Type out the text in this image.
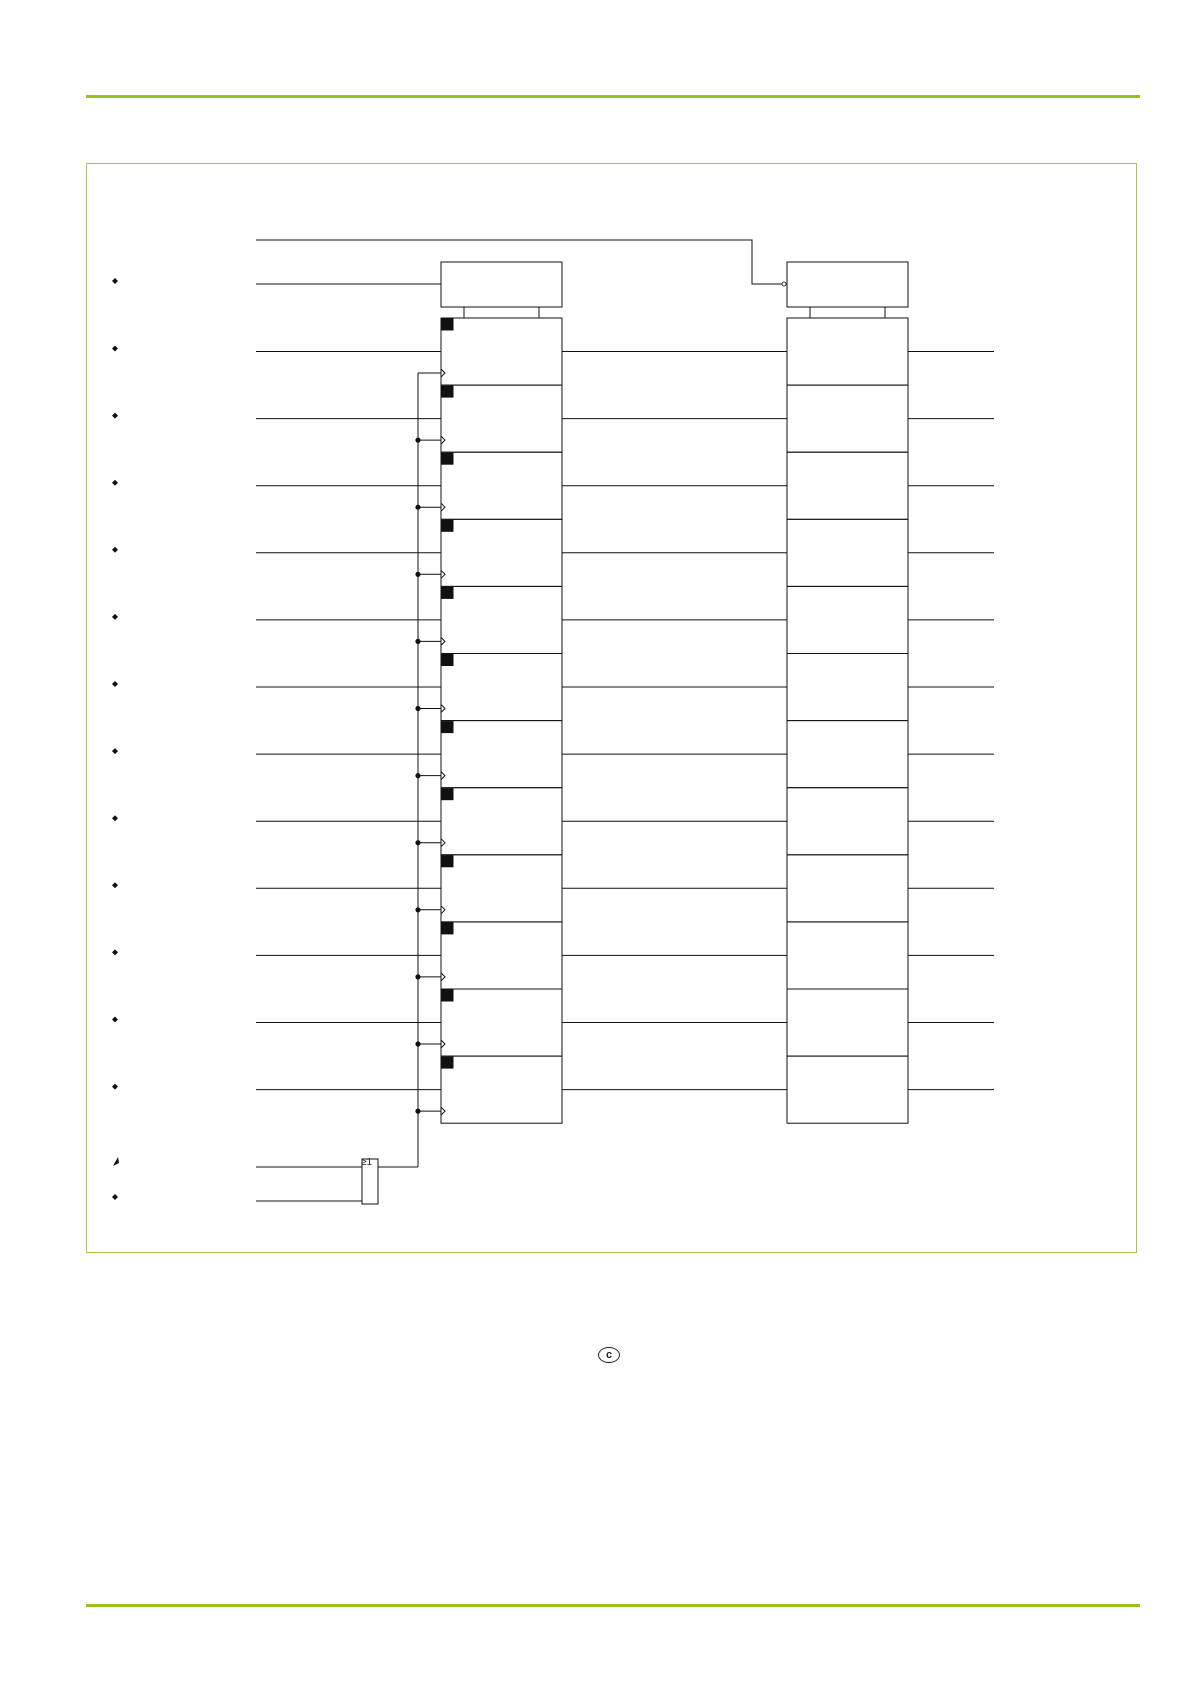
≥1
c
